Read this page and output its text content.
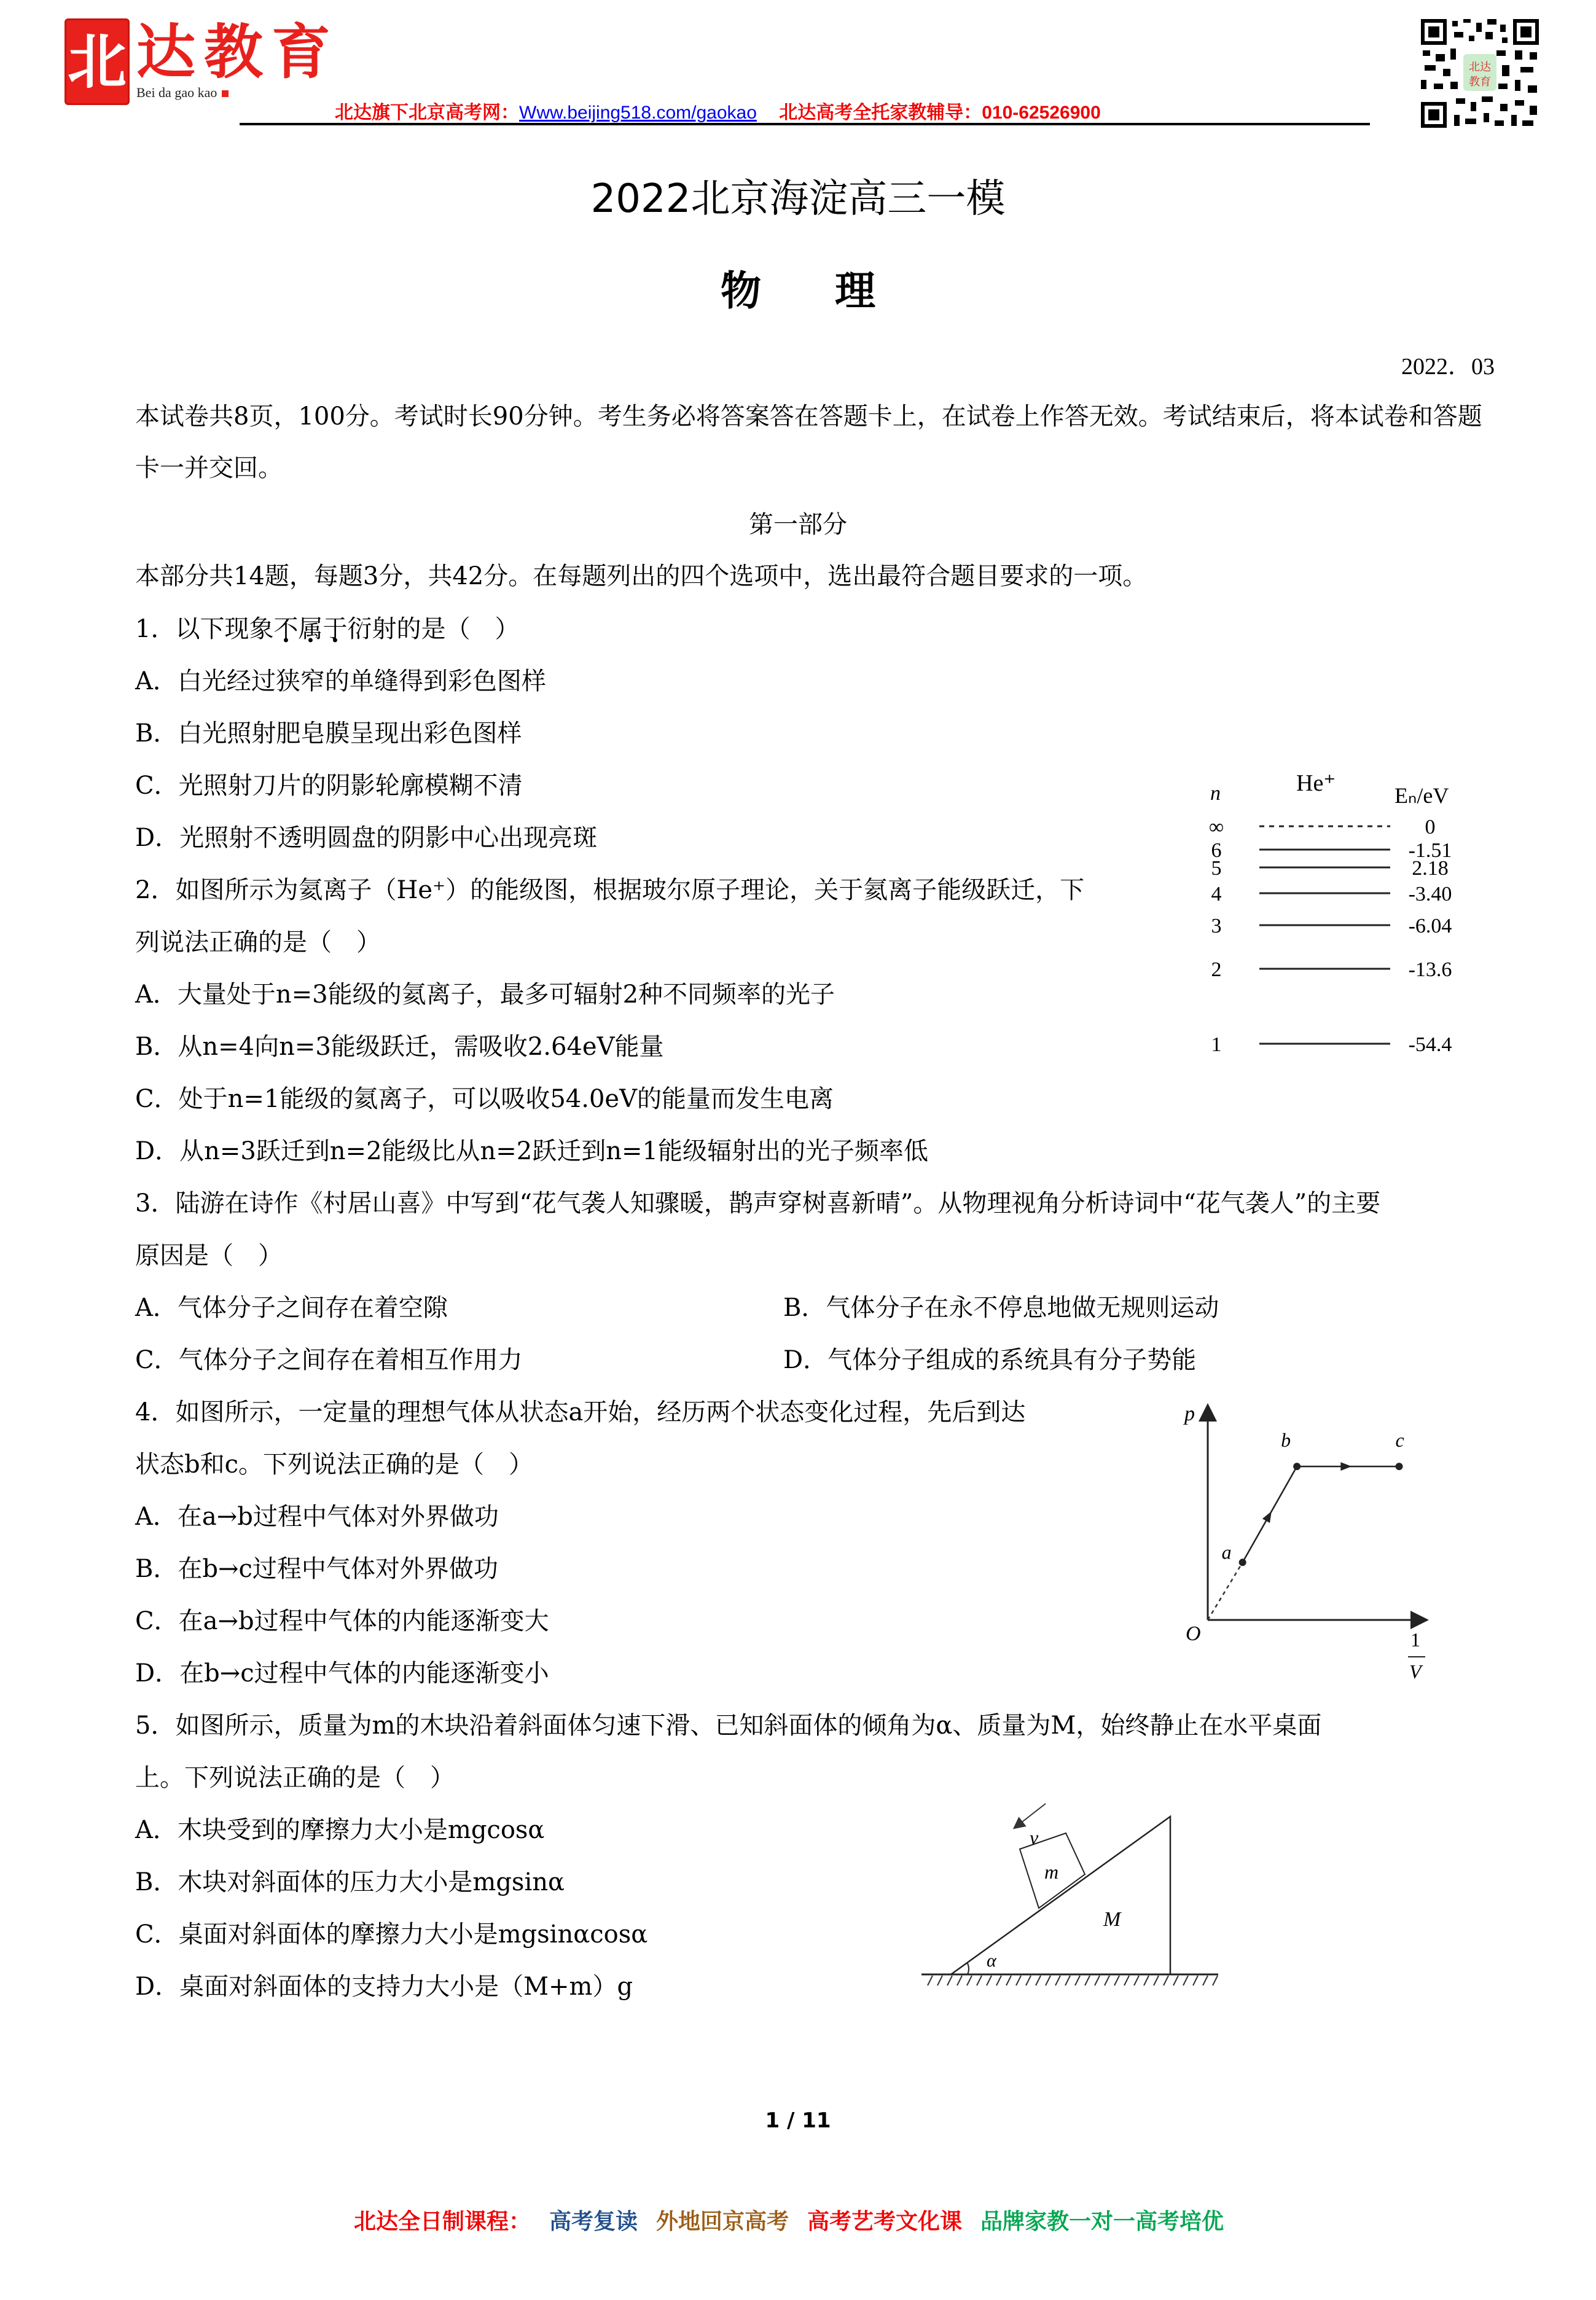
北 达教育
Bei da gao kao
北达旗下北京高考网：Www.beijing518.com/gaokao 北达高考全托家教辅导：010-62526900
北达
教育
2022北京海淀高三一模
物理
2022．03
本试卷共8页，100分。考试时长90分钟。考生务必将答案答在答题卡上，在试卷上作答无效。考试结束后，将本试卷和答题卡一并交回。
第一部分
本部分共14题，每题3分，共42分。在每题列出的四个选项中，选出最符合题目要求的一项。
1．以下现象不属于衍射的是（　）
A．白光经过狭窄的单缝得到彩色图样
B．白光照射肥皂膜呈现出彩色图样
C．光照射刀片的阴影轮廓模糊不清
D．光照射不透明圆盘的阴影中心出现亮斑
2．如图所示为氦离子（He⁺）的能级图，根据玻尔原子理论，关于氦离子能级跃迁，下
列说法正确的是（　）
A．大量处于n=3能级的氦离子，最多可辐射2种不同频率的光子
B．从n=4向n=3能级跃迁，需吸收2.64eV能量
C．处于n=1能级的氦离子，可以吸收54.0eV的能量而发生电离
D．从n=3跃迁到n=2能级比从n=2跃迁到n=1能级辐射出的光子频率低
n	He⁺	Eₙ/eV
∞	0
6	-1.51
5	2.18
4	-3.40
3	-6.04
2	-13.6
1	-54.4
3．陆游在诗作《村居山喜》中写到“花气袭人知骤暖，鹊声穿树喜新晴”。从物理视角分析诗词中“花气袭人”的主要
原因是（　）
A．气体分子之间存在着空隙	B．气体分子在永不停息地做无规则运动
C．气体分子之间存在着相互作用力	D．气体分子组成的系统具有分子势能
4．如图所示，一定量的理想气体从状态a开始，经历两个状态变化过程，先后到达
状态b和c。下列说法正确的是（　）
A．在a→b过程中气体对外界做功
B．在b→c过程中气体对外界做功
C．在a→b过程中气体的内能逐渐变大
D．在b→c过程中气体的内能逐渐变小
p
O	1
V
a
b	c
5．如图所示，质量为m的木块沿着斜面体匀速下滑、已知斜面体的倾角为α、质量为M，始终静止在水平桌面
上。下列说法正确的是（　）
A．木块受到的摩擦力大小是mgcosα
B．木块对斜面体的压力大小是mgsinα
C．桌面对斜面体的摩擦力大小是mgsinαcosα
D．桌面对斜面体的支持力大小是（M+m）g
v
m
M
α
1 / 11
北达全日制课程： 高考复读 外地回京高考 高考艺考文化课 品牌家教一对一高考培优
